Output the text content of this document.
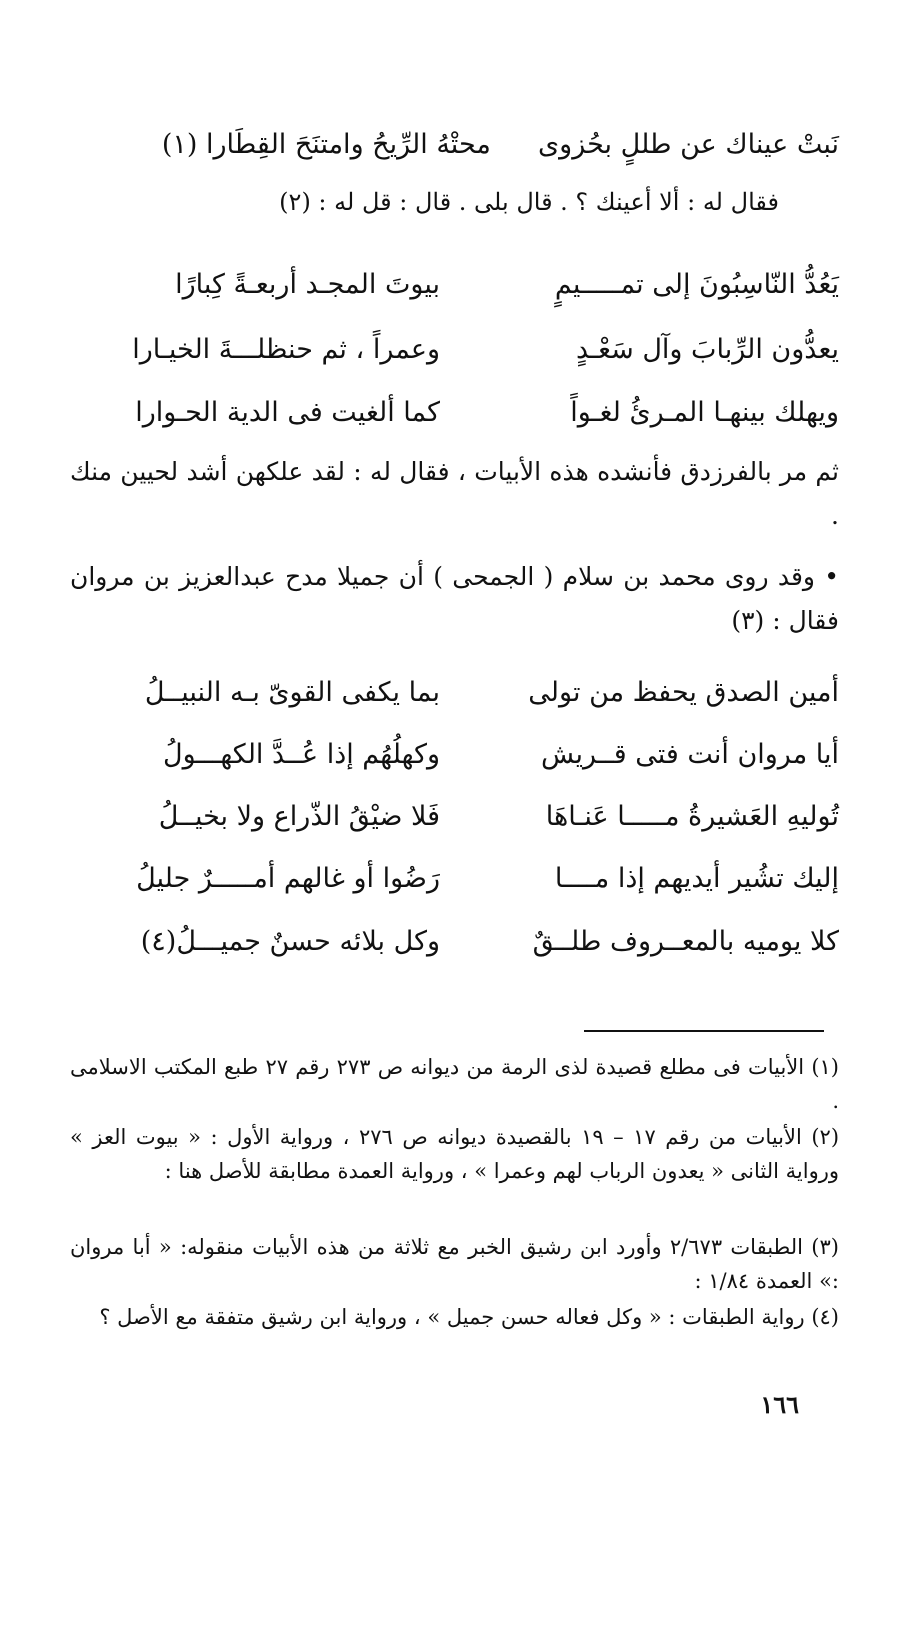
نَبتْ عيناك عن طللٍ بحُزوى  محتْهُ الرِّيحُ وامتنَحَ القِطَارا (١)
فقال له : ألا أعينك ؟ . قال بلى . قال : قل له : (٢)
يَعُدُّ النّاسِبُونَ إلى تمـــــيمٍ
بيوتَ المجـد أربعـةً كِبارًا
يعدُّون الرِّبابَ وآل سَعْـدٍ
وعمراً ، ثم حنظلـــةَ الخيـارا
ويهلك بينهـا المـرئُ لغـواً
كما ألغيت فى الدية الحـوارا
ثم مر بالفرزدق فأنشده هذه الأبيات ، فقال له : لقد علكهن أشد لحيين منك .
• وقد روى محمد بن سلام ( الجمحى ) أن جميلا مدح عبدالعزيز بن مروان فقال : (٣)
أمين الصدق يحفظ من تولى
بما يكفى القوىّ بـه النبيــلُ
أيا مروان أنت فتى قــريش
وكهلُهُم إذا عُــدَّ الكهـــولُ
تُوليهِ العَشيرةُ مـــــا عَنـاهَا
فَلا ضيْقُ الذّراع ولا بخيــلُ
إليك تشُير أيديهم إذا مــــا
رَضُوا أو غالهم أمـــــرٌ جليلُ
كلا يوميه بالمعــروف طلــقٌ
وكل بلائه حسنٌ جميـــلُ(٤)
(١) الأبيات فى مطلع قصيدة لذى الرمة من ديوانه ص ٢٧٣ رقم ٢٧ طبع المكتب الاسلامى .
(٢) الأبيات من رقم ١٧ – ١٩ بالقصيدة ديوانه ص ٢٧٦ ، ورواية الأول : « بيوت العز » ورواية الثانى « يعدون الرباب لهم وعمرا » ، ورواية العمدة مطابقة للأصل هنا :
(٣) الطبقات ٢/٦٧٣ وأورد ابن رشيق الخبر مع ثلاثة من هذه الأبيات منقوله: « أبا مروان :» العمدة ١/٨٤ :
(٤) رواية الطبقات : « وكل فعاله حسن جميل » ، ورواية ابن رشيق متفقة مع الأصل ؟
١٦٦
